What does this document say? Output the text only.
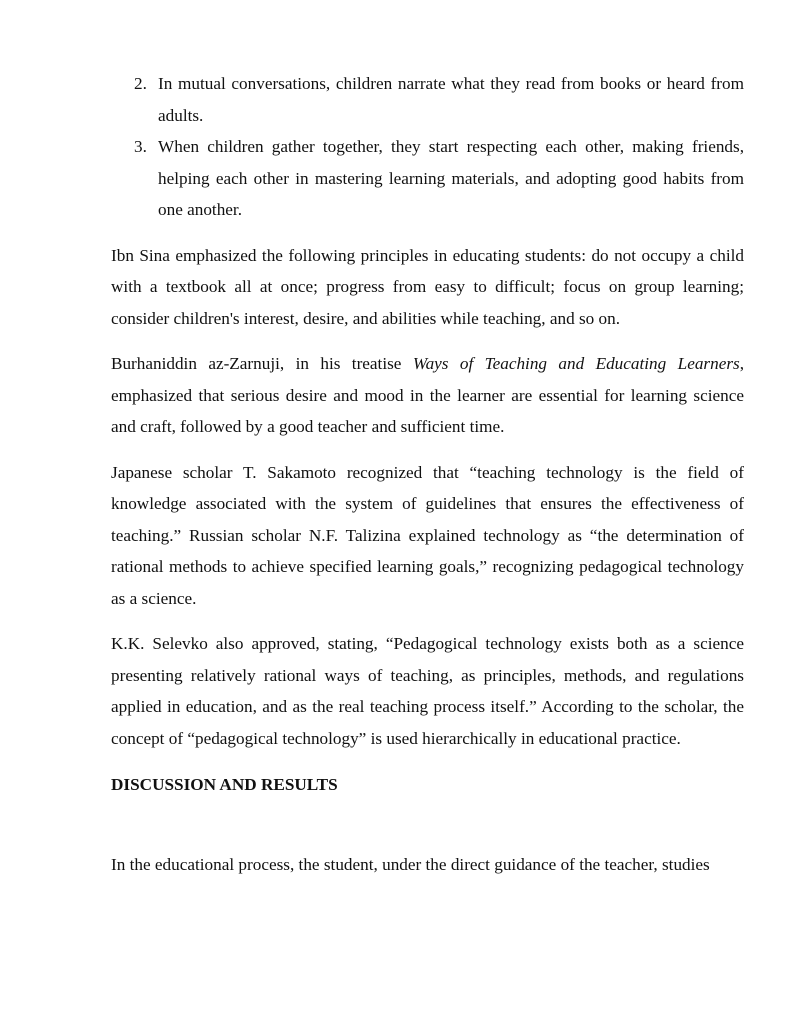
2. In mutual conversations, children narrate what they read from books or heard from adults.
3. When children gather together, they start respecting each other, making friends, helping each other in mastering learning materials, and adopting good habits from one another.

Ibn Sina emphasized the following principles in educating students: do not occupy a child with a textbook all at once; progress from easy to difficult; focus on group learning; consider children's interest, desire, and abilities while teaching, and so on.

Burhaniddin az-Zarnuji, in his treatise Ways of Teaching and Educating Learners, emphasized that serious desire and mood in the learner are essential for learning science and craft, followed by a good teacher and sufficient time.

Japanese scholar T. Sakamoto recognized that “teaching technology is the field of knowledge associated with the system of guidelines that ensures the effectiveness of teaching.” Russian scholar N.F. Talizina explained technology as “the determination of rational methods to achieve specified learning goals,” recognizing pedagogical technology as a science.

K.K. Selevko also approved, stating, “Pedagogical technology exists both as a science presenting relatively rational ways of teaching, as principles, methods, and regulations applied in education, and as the real teaching process itself.” According to the scholar, the concept of “pedagogical technology” is used hierarchically in educational practice.

DISCUSSION AND RESULTS

In the educational process, the student, under the direct guidance of the teacher, studies
